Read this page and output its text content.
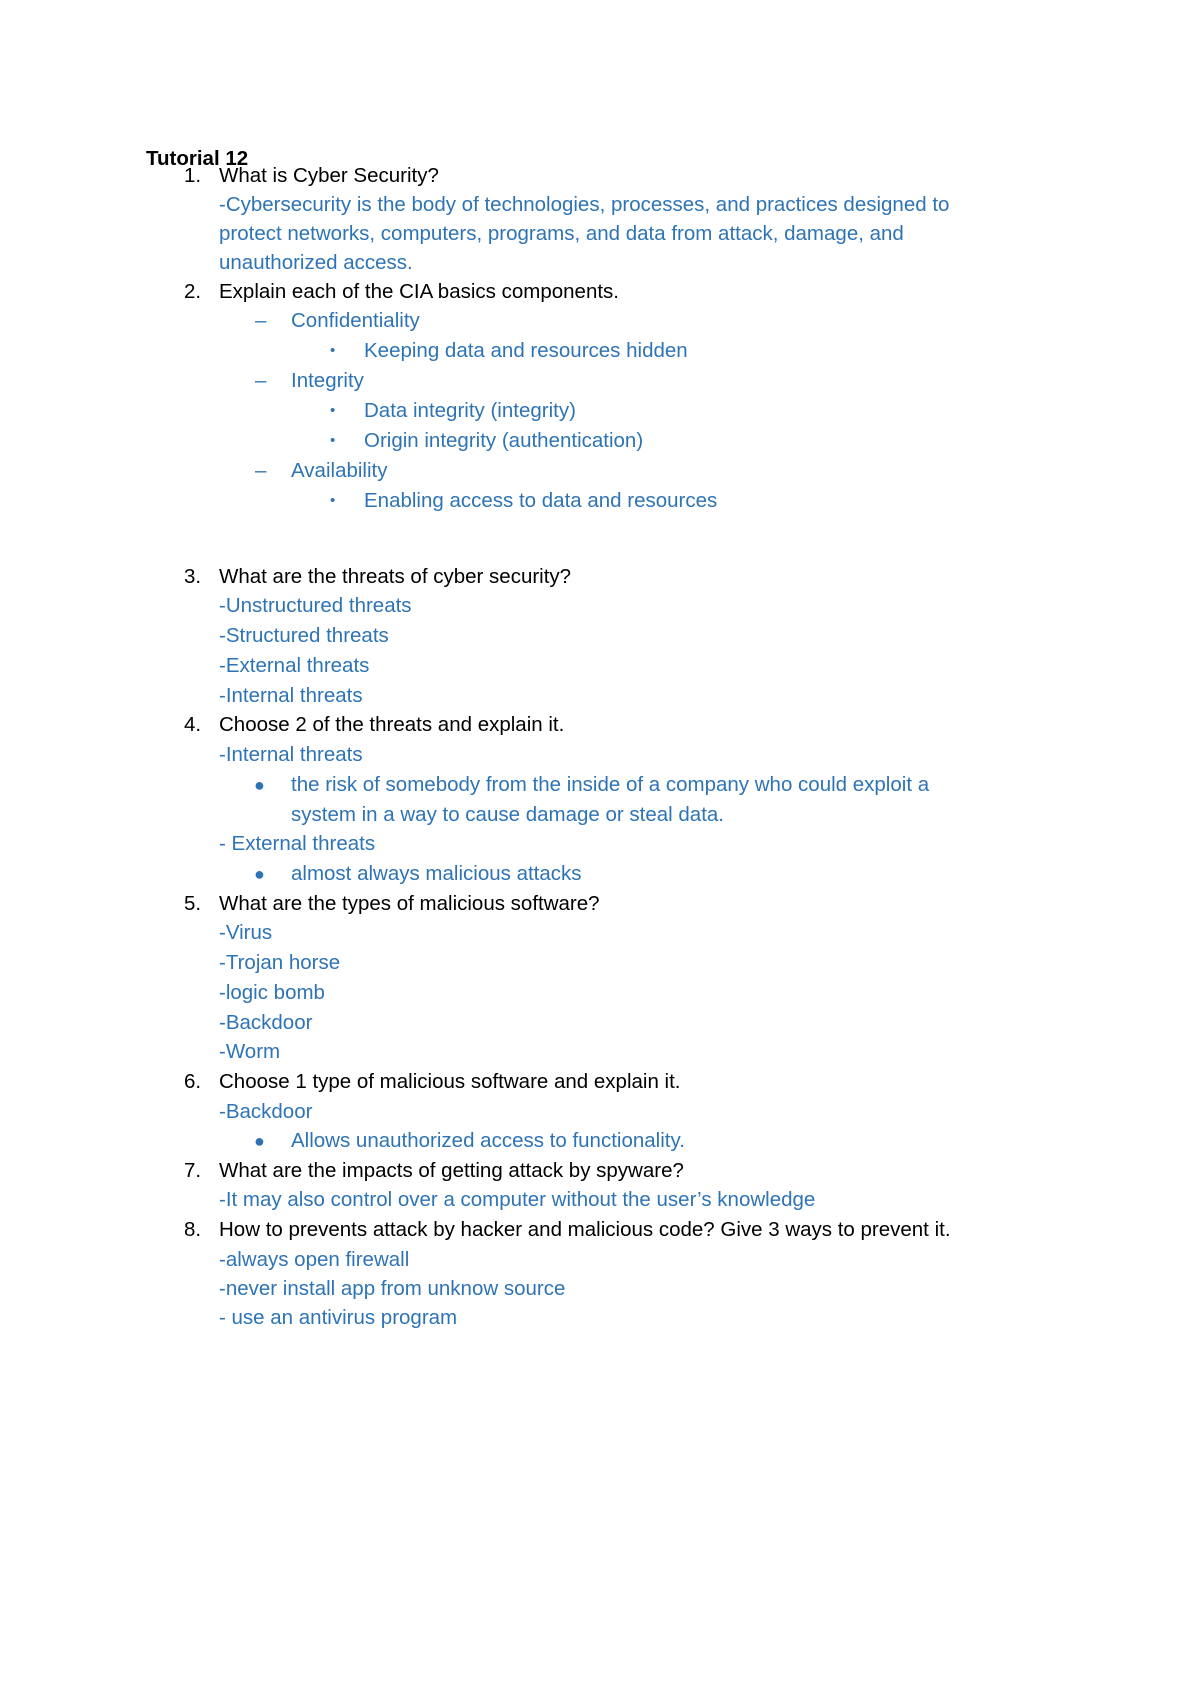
Tutorial 12
1. What is Cyber Security?
-Cybersecurity is the body of technologies, processes, and practices designed to
protect networks, computers, programs, and data from attack, damage, and
unauthorized access.
2. Explain each of the CIA basics components.
– Confidentiality
• Keeping data and resources hidden
– Integrity
• Data integrity (integrity)
• Origin integrity (authentication)
– Availability
• Enabling access to data and resources
3. What are the threats of cyber security?
-Unstructured threats
-Structured threats
-External threats
-Internal threats
4. Choose 2 of the threats and explain it.
-Internal threats
● the risk of somebody from the inside of a company who could exploit a
system in a way to cause damage or steal data.
- External threats
● almost always malicious attacks
5. What are the types of malicious software?
-Virus
-Trojan horse
-logic bomb
-Backdoor
-Worm
6. Choose 1 type of malicious software and explain it.
-Backdoor
● Allows unauthorized access to functionality.
7. What are the impacts of getting attack by spyware?
-It may also control over a computer without the user’s knowledge
8. How to prevents attack by hacker and malicious code? Give 3 ways to prevent it.
-always open firewall
-never install app from unknow source
- use an antivirus program
